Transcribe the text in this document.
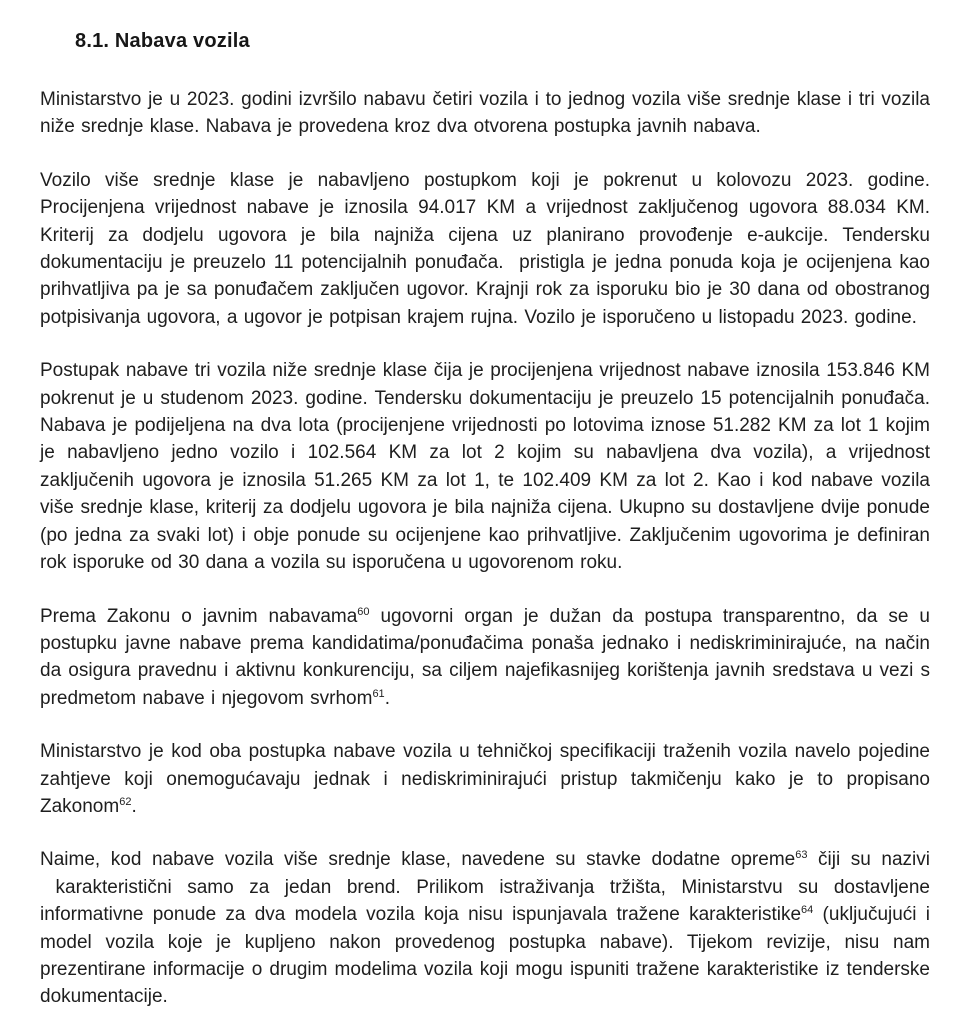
8.1. Nabava vozila

Ministarstvo je u 2023. godini izvršilo nabavu četiri vozila i to jednog vozila više srednje klase i tri vozila niže srednje klase. Nabava je provedena kroz dva otvorena postupka javnih nabava.

Vozilo više srednje klase je nabavljeno postupkom koji je pokrenut u kolovozu 2023. godine. Procijenjena vrijednost nabave je iznosila 94.017 KM a vrijednost zaključenog ugovora 88.034 KM. Kriterij za dodjelu ugovora je bila najniža cijena uz planirano provođenje e-aukcije. Tendersku dokumentaciju je preuzelo 11 potencijalnih ponuđača.  pristigla je jedna ponuda koja je ocijenjena kao prihvatljiva pa je sa ponuđačem zaključen ugovor. Krajnji rok za isporuku bio je 30 dana od obostranog potpisivanja ugovora, a ugovor je potpisan krajem rujna. Vozilo je isporučeno u listopadu 2023. godine.

Postupak nabave tri vozila niže srednje klase čija je procijenjena vrijednost nabave iznosila 153.846 KM pokrenut je u studenom 2023. godine. Tendersku dokumentaciju je preuzelo 15 potencijalnih ponuđača. Nabava je podijeljena na dva lota (procijenjene vrijednosti po lotovima iznose 51.282 KM za lot 1 kojim je nabavljeno jedno vozilo i 102.564 KM za lot 2 kojim su nabavljena dva vozila), a vrijednost zaključenih ugovora je iznosila 51.265 KM za lot 1, te 102.409 KM za lot 2. Kao i kod nabave vozila više srednje klase, kriterij za dodjelu ugovora je bila najniža cijena. Ukupno su dostavljene dvije ponude (po jedna za svaki lot) i obje ponude su ocijenjene kao prihvatljive. Zaključenim ugovorima je definiran rok isporuke od 30 dana a vozila su isporučena u ugovorenom roku.

Prema Zakonu o javnim nabavama$^{60}$ ugovorni organ je dužan da postupa transparentno, da se u postupku javne nabave prema kandidatima/ponuđačima ponaša jednako i nediskriminirajuće, na način da osigura pravednu i aktivnu konkurenciju, sa ciljem najefikasnijeg korištenja javnih sredstava u vezi s predmetom nabave i njegovom svrhom$^{61}$.

Ministarstvo je kod oba postupka nabave vozila u tehničkoj specifikaciji traženih vozila navelo pojedine zahtjeve koji onemogućavaju jednak i nediskriminirajući pristup takmičenju kako je to propisano Zakonom$^{62}$.

Naime, kod nabave vozila više srednje klase, navedene su stavke dodatne opreme$^{63}$ čiji su nazivi  karakteristični samo za jedan brend. Prilikom istraživanja tržišta, Ministarstvu su dostavljene informativne ponude za dva modela vozila koja nisu ispunjavala tražene karakteristike$^{64}$ (uključujući i model vozila koje je kupljeno nakon provedenog postupka nabave). Tijekom revizije, nisu nam prezentirane informacije o drugim modelima vozila koji mogu ispuniti tražene karakteristike iz tenderske dokumentacije.
